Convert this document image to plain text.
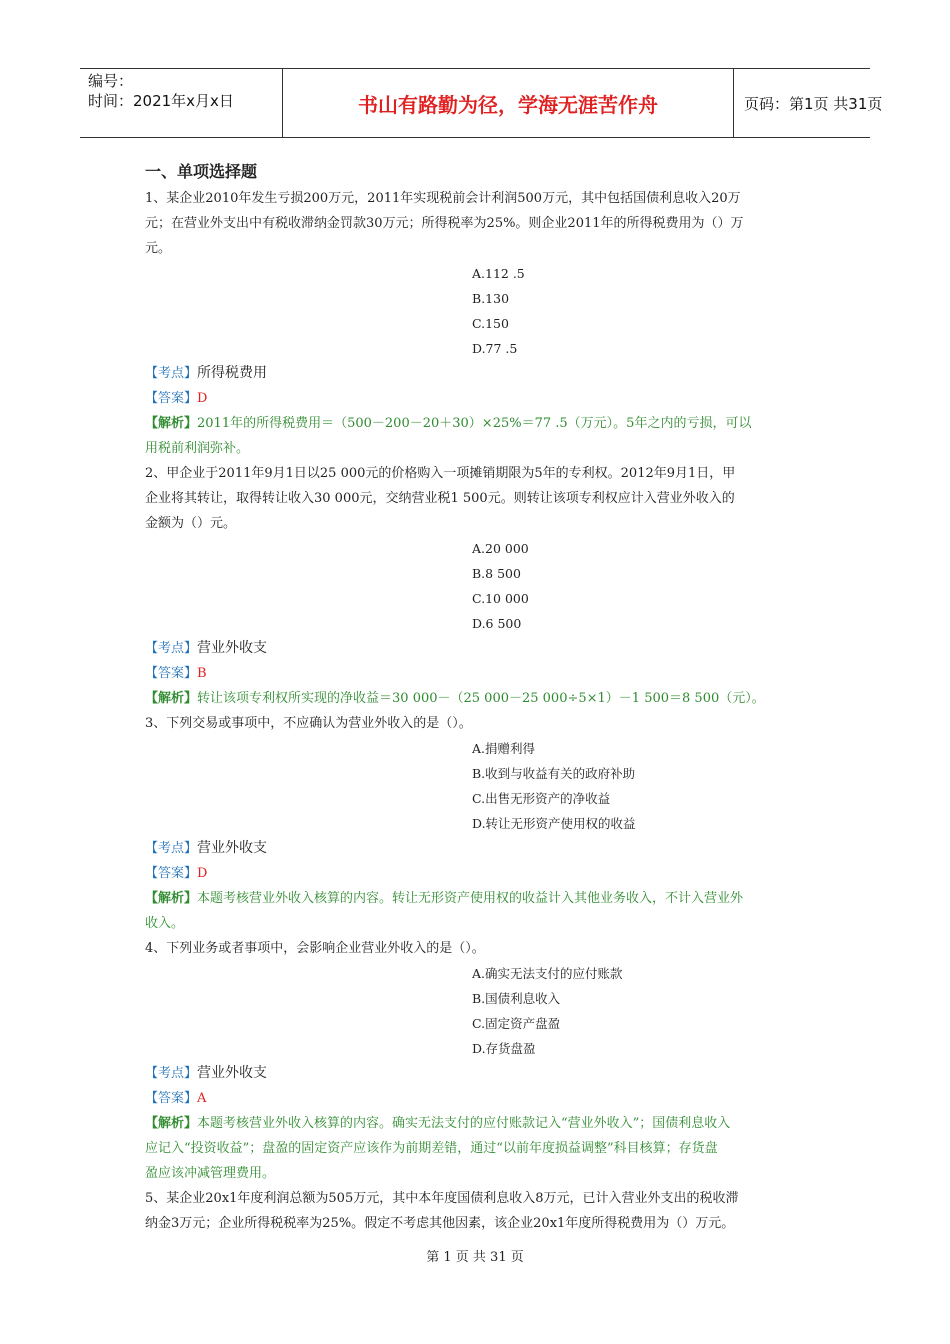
编号：
时间：2021年x月x日	书山有路勤为径，学海无涯苦作舟	页码：第1页 共31页
一、单项选择题
1、某企业2010年发生亏损200万元，2011年实现税前会计利润500万元，其中包括国债利息收入20万
元；在营业外支出中有税收滞纳金罚款30万元；所得税率为25%。则企业2011年的所得税费用为（）万
元。
A.112 .5
B.130
C.150
D.77 .5
【考点】所得税费用
【答案】D
【解析】2011年的所得税费用＝（500－200－20＋30）×25%＝77 .5（万元）。5年之内的亏损，可以
用税前利润弥补。
2、甲企业于2011年9月1日以25 000元的价格购入一项摊销期限为5年的专利权。2012年9月1日，甲
企业将其转让，取得转让收入30 000元，交纳营业税1 500元。则转让该项专利权应计入营业外收入的
金额为（）元。
A.20 000
B.8 500
C.10 000
D.6 500
【考点】营业外收支
【答案】B
【解析】转让该项专利权所实现的净收益＝30 000－（25 000－25 000÷5×1）－1 500＝8 500（元）。
3、下列交易或事项中，不应确认为营业外收入的是（）。
A.捐赠利得
B.收到与收益有关的政府补助
C.出售无形资产的净收益
D.转让无形资产使用权的收益
【考点】营业外收支
【答案】D
【解析】本题考核营业外收入核算的内容。转让无形资产使用权的收益计入其他业务收入，不计入营业外
收入。
4、下列业务或者事项中，会影响企业营业外收入的是（）。
A.确实无法支付的应付账款
B.国债利息收入
C.固定资产盘盈
D.存货盘盈
【考点】营业外收支
【答案】A
【解析】本题考核营业外收入核算的内容。确实无法支付的应付账款记入“营业外收入”；国债利息收入
应记入“投资收益”；盘盈的固定资产应该作为前期差错，通过“以前年度损益调整”科目核算；存货盘
盈应该冲减管理费用。
5、某企业20x1年度利润总额为505万元，其中本年度国债利息收入8万元，已计入营业外支出的税收滞
纳金3万元；企业所得税税率为25%。假定不考虑其他因素，该企业20x1年度所得税费用为（）万元。
第 1 页 共 31 页
